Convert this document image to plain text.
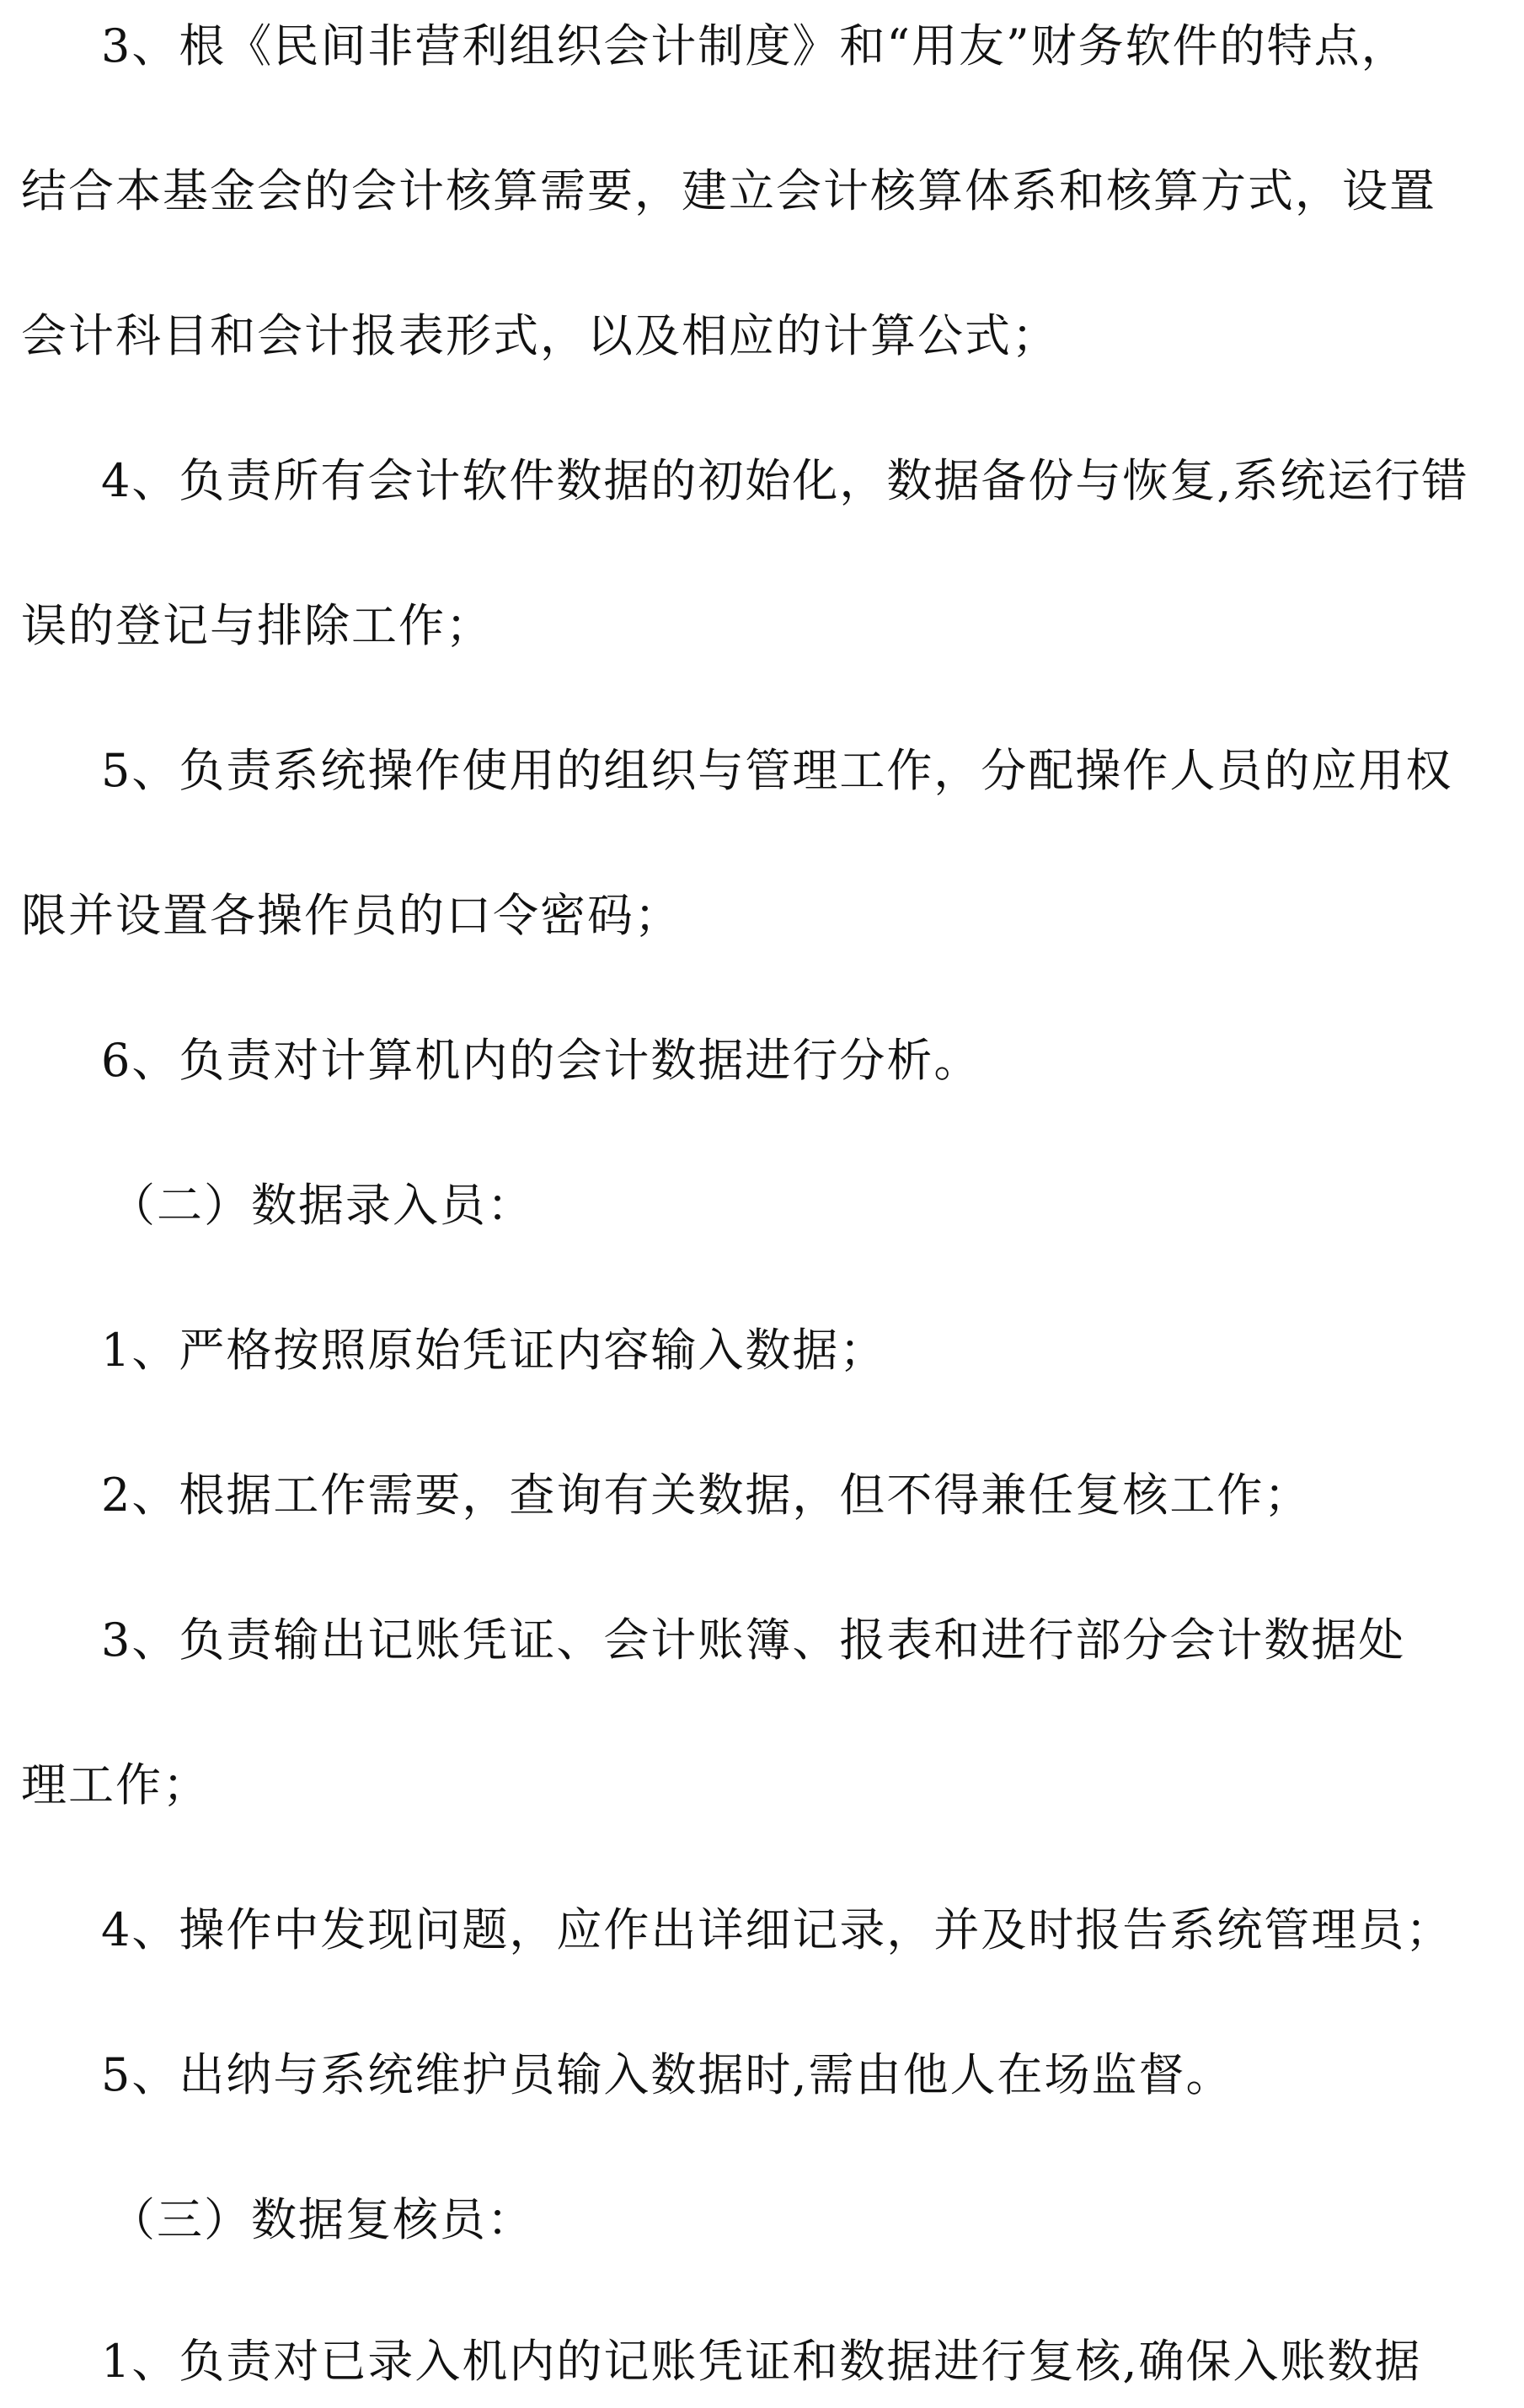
3、根《民间非营利组织会计制度》和“用友”财务软件的特点，
结合本基金会的会计核算需要，建立会计核算体系和核算方式，设置
会计科目和会计报表形式，以及相应的计算公式；
4、负责所有会计软件数据的初始化，数据备份与恢复,系统运行错
误的登记与排除工作；
5、负责系统操作使用的组织与管理工作，分配操作人员的应用权
限并设置各操作员的口令密码；
6、负责对计算机内的会计数据进行分析。
（二）数据录入员：
1、严格按照原始凭证内容输入数据；
2、根据工作需要，查询有关数据，但不得兼任复核工作；
3、负责输出记账凭证、会计账簿、报表和进行部分会计数据处
理工作；
4、操作中发现问题，应作出详细记录，并及时报告系统管理员；
5、出纳与系统维护员输入数据时,需由他人在场监督。
（三）数据复核员：
1、负责对已录入机内的记账凭证和数据进行复核,确保入账数据
